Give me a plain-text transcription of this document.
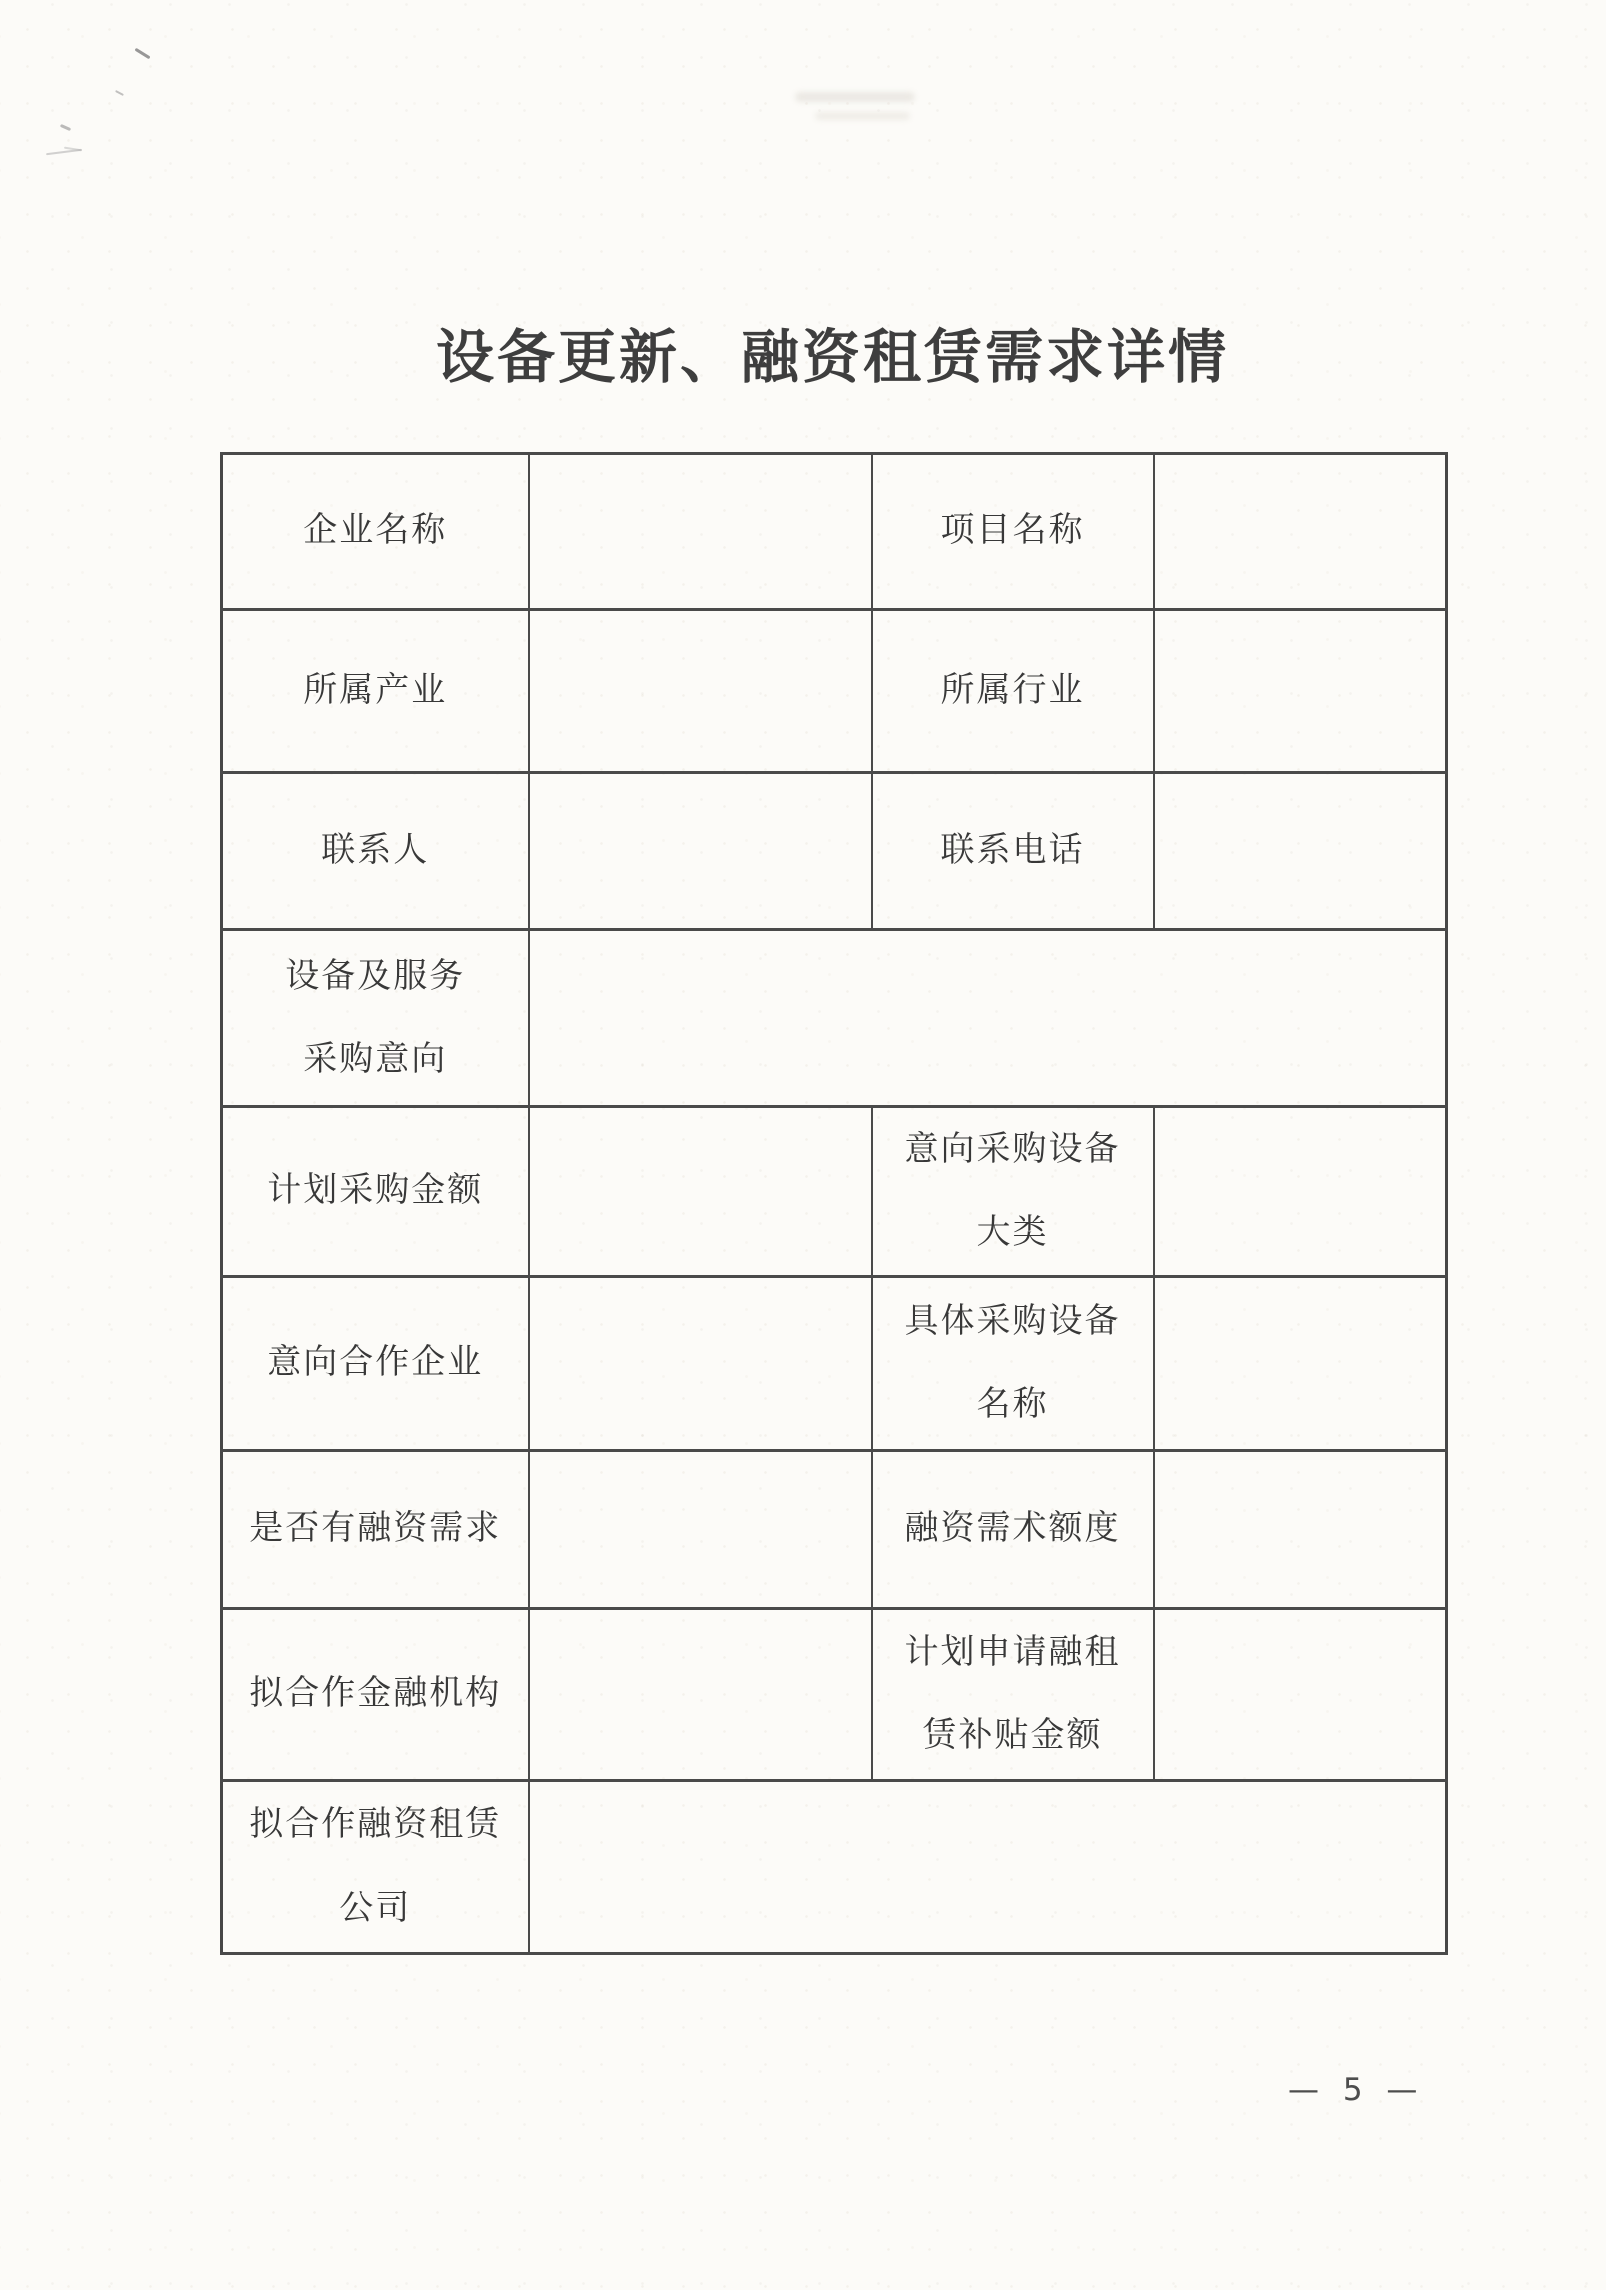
设备更新、融资租赁需求详情
企业名称		项目名称	
所属产业		所属行业	
联系人		联系电话	

设备及服务
采购意向			

计划采购金额		意向采购设备
大类	

意向合作企业		具体采购设备
名称	

是否有融资需求		融资需术额度	
拟合作金融机构		计划申请融租
赁补贴金额	

拟合作融资租赁
公司			

— 5 —
